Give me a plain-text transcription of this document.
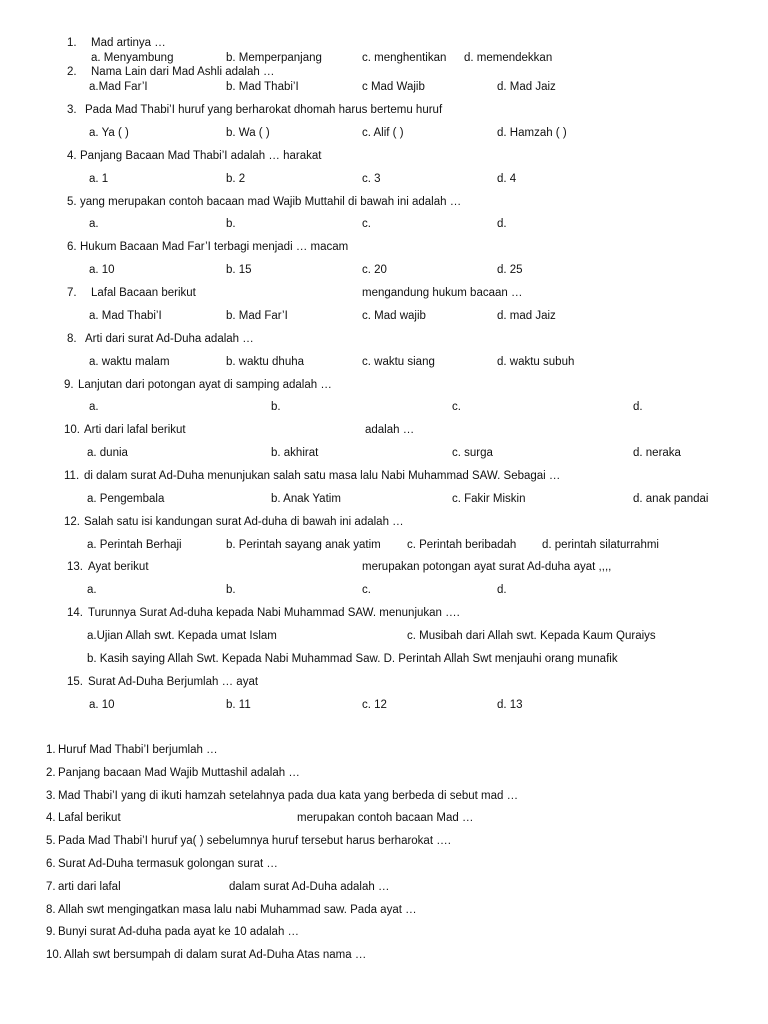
1. Mad artinya …
a. Menyambung	b. Memperpanjang	c. menghentikan d. memendekkan
2. Nama Lain dari Mad Ashli adalah …
a.Mad Far’I	b. Mad Thabi’I	c Mad Wajib	d. Mad Jaiz
3. Pada Mad Thabi’I huruf yang berharokat dhomah harus bertemu huruf
a. Ya ( )	b. Wa ( )	c. Alif ( )	d. Hamzah ( )
4. Panjang Bacaan Mad Thabi’I adalah … harakat
a. 1	b. 2	c. 3	d. 4
5. yang merupakan contoh bacaan mad Wajib Muttahil di bawah ini adalah …
a.	b.	c.	d.
6. Hukum Bacaan Mad Far’I terbagi menjadi … macam
a. 10	b. 15	c. 20	d. 25
7. Lafal Bacaan berikut	mengandung hukum bacaan …
a. Mad Thabi’I	b. Mad Far’I	c. Mad wajib	d. mad Jaiz
8. Arti dari surat Ad-Duha adalah …
a. waktu malam	b. waktu dhuha	c. waktu siang	d. waktu subuh
9. Lanjutan dari potongan ayat di samping adalah …
a.	b.	c.	d.
10. Arti dari lafal berikut	adalah …
a. dunia	b. akhirat	c. surga	d. neraka
11. di dalam surat Ad-Duha menunjukan salah satu masa lalu Nabi Muhammad SAW. Sebagai …
a. Pengembala	b. Anak Yatim	c. Fakir Miskin	d. anak pandai
12. Salah satu isi kandungan surat Ad-duha di bawah ini adalah …
a. Perintah Berhaji	b. Perintah sayang anak yatim c. Perintah beribadah d. perintah silaturrahmi
13. Ayat berikut	merupakan potongan ayat surat Ad-duha ayat ,,,,
a.	b.	c.	d.
14. Turunnya Surat Ad-duha kepada Nabi Muhammad SAW. menunjukan ….
a.Ujian Allah swt. Kepada umat Islam	c. Musibah dari Allah swt. Kepada Kaum Quraiys
b. Kasih saying Allah Swt. Kepada Nabi Muhammad Saw. D. Perintah Allah Swt menjauhi orang munafik
15. Surat Ad-Duha Berjumlah … ayat
a. 10	b. 11	c. 12	d. 13
1. Huruf Mad Thabi’I berjumlah …
2. Panjang bacaan Mad Wajib Muttashil adalah …
3. Mad Thabi’I yang di ikuti hamzah setelahnya pada dua kata yang berbeda di sebut mad …
4. Lafal berikut	merupakan contoh bacaan Mad …
5. Pada Mad Thabi’I huruf ya( ) sebelumnya huruf tersebut harus berharokat ….
6. Surat Ad-Duha termasuk golongan surat …
7. arti dari lafal	dalam surat Ad-Duha adalah …
8. Allah swt mengingatkan masa lalu nabi Muhammad saw. Pada ayat …
9. Bunyi surat Ad-duha pada ayat ke 10 adalah …
10. Allah swt bersumpah di dalam surat Ad-Duha Atas nama …
